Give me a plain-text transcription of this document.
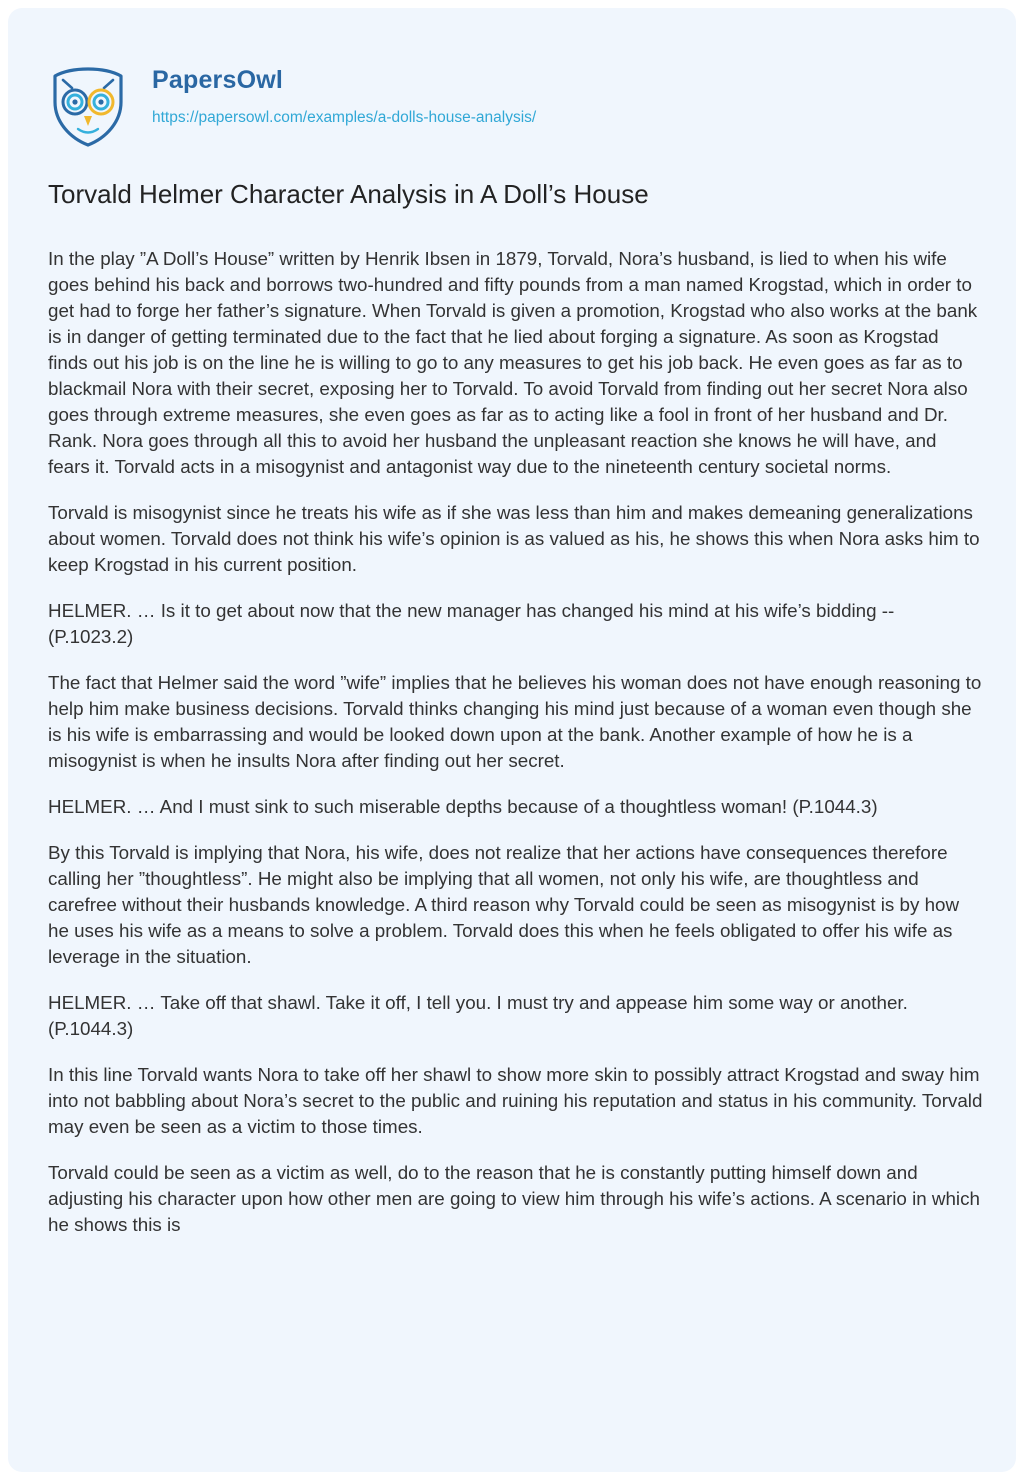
PapersOwl
https://papersowl.com/examples/a-dolls-house-analysis/
Torvald Helmer Character Analysis in A Doll’s House

In the play ”A Doll’s House” written by Henrik Ibsen in 1879, Torvald, Nora’s husband, is lied to when his wife goes behind his back and borrows two-hundred and fifty pounds from a man named Krogstad, which in order to get had to forge her father’s signature. When Torvald is given a promotion, Krogstad who also works at the bank is in danger of getting terminated due to the fact that he lied about forging a signature. As soon as Krogstad finds out his job is on the line he is willing to go to any measures to get his job back. He even goes as far as to blackmail Nora with their secret, exposing her to Torvald. To avoid Torvald from finding out her secret Nora also goes through extreme measures, she even goes as far as to acting like a fool in front of her husband and Dr. Rank. Nora goes through all this to avoid her husband the unpleasant reaction she knows he will have, and fears it. Torvald acts in a misogynist and antagonist way due to the nineteenth century societal norms.

Torvald is misogynist since he treats his wife as if she was less than him and makes demeaning generalizations about women. Torvald does not think his wife’s opinion is as valued as his, he shows this when Nora asks him to keep Krogstad in his current position.

HELMER. … Is it to get about now that the new manager has changed his mind at his wife’s bidding -- (P.1023.2)

The fact that Helmer said the word ”wife” implies that he believes his woman does not have enough reasoning to help him make business decisions. Torvald thinks changing his mind just because of a woman even though she is his wife is embarrassing and would be looked down upon at the bank. Another example of how he is a misogynist is when he insults Nora after finding out her secret.

HELMER. … And I must sink to such miserable depths because of a thoughtless woman! (P.1044.3)

By this Torvald is implying that Nora, his wife, does not realize that her actions have consequences therefore calling her ”thoughtless”. He might also be implying that all women, not only his wife, are thoughtless and carefree without their husbands knowledge. A third reason why Torvald could be seen as misogynist is by how he uses his wife as a means to solve a problem. Torvald does this when he feels obligated to offer his wife as leverage in the situation.

HELMER. … Take off that shawl. Take it off, I tell you. I must try and appease him some way or another. (P.1044.3)

In this line Torvald wants Nora to take off her shawl to show more skin to possibly attract Krogstad and sway him into not babbling about Nora’s secret to the public and ruining his reputation and status in his community. Torvald may even be seen as a victim to those times.

Torvald could be seen as a victim as well, do to the reason that he is constantly putting himself down and adjusting his character upon how other men are going to view him through his wife’s actions. A scenario in which he shows this is
